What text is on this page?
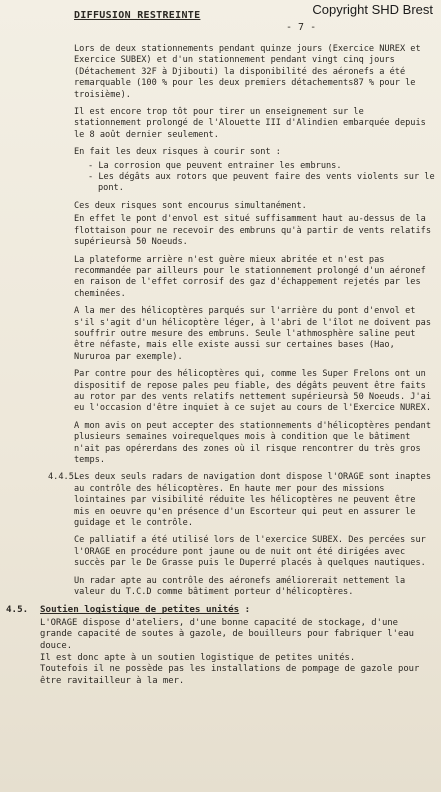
Copyright SHD Brest
DIFFUSION RESTREINTE
- 7 -

Lors de deux stationnements pendant quinze jours (Exercice NUREX et Exercice SUBEX) et d'un stationnement pendant vingt cinq jours (Détachement 32F à Djibouti) la disponibilité des aéronefs a été remarquable (100 % pour les deux premiers détachements87 % pour le troisième).

Il est encore trop tôt pour tirer un enseignement sur le stationnement prolongé de l'Alouette III d'Alindien embarquée depuis le 8 août dernier seulement.

En fait les deux risques à courir sont :

- La corrosion que peuvent entrainer les embruns.
- Les dégâts aux rotors que peuvent faire des vents violents sur le pont.

Ces deux risques sont encourus simultanément.

En effet le pont d'envol est situé suffisamment haut au-dessus de la flottaison pour ne recevoir des embruns qu'à partir de vents relatifs supérieursà 50 Noeuds.

La plateforme arrière n'est guère mieux abritée et n'est pas recommandée par ailleurs pour le stationnement prolongé d'un aéronef en raison de l'effet corrosif des gaz d'échappement rejetés par les cheminées.

A la mer des hélicoptères parqués sur l'arrière du pont d'envol et s'il s'agit d'un hélicoptère léger, à l'abri de l'îlot ne doivent pas souffrir outre mesure des embruns. Seule l'athmosphère saline peut être néfaste, mais elle existe aussi sur certaines bases (Hao, Nururoa par exemple).

Par contre pour des hélicoptères qui, comme les Super Frelons ont un dispositif de repose pales peu fiable, des dégâts peuvent être faits au rotor par des vents relatifs nettement supérieursà 50 Noeuds. J'ai eu l'occasion d'être inquiet à ce sujet au cours de l'Exercice NUREX.

A mon avis on peut accepter des stationnements d'hélicoptères pendant plusieurs semaines voirequelques mois à condition que le bâtiment n'ait pas opérerdans des zones où il risque rencontrer du très gros temps.

4.4.5.

Les deux seuls radars de navigation dont dispose l'ORAGE sont inaptes au contrôle des hélicoptères. En haute mer pour des missions lointaines par visibilité réduite les hélicoptères ne peuvent être mis en oeuvre qu'en présence d'un Escorteur qui peut en assurer le guidage et le contrôle.

Ce palliatif a été utilisé lors de l'exercice SUBEX. Des percées sur l'ORAGE en procédure pont jaune ou de nuit ont été dirigées avec succès par le De Grasse puis le Duperré placés à quelques nautiques.

Un radar apte au contrôle des aéronefs améliorerait nettement la valeur du T.C.D comme bâtiment porteur d'hélicoptères.

4.5. Soutien logistique de petites unités :

L'ORAGE dispose d'ateliers, d'une bonne capacité de stockage, d'une grande capacité de soutes à gazole, de bouilleurs pour fabriquer l'eau douce.

Il est donc apte à un soutien logistique de petites unités.

Toutefois il ne possède pas les installations de pompage de gazole pour être ravitailleur à la mer.
